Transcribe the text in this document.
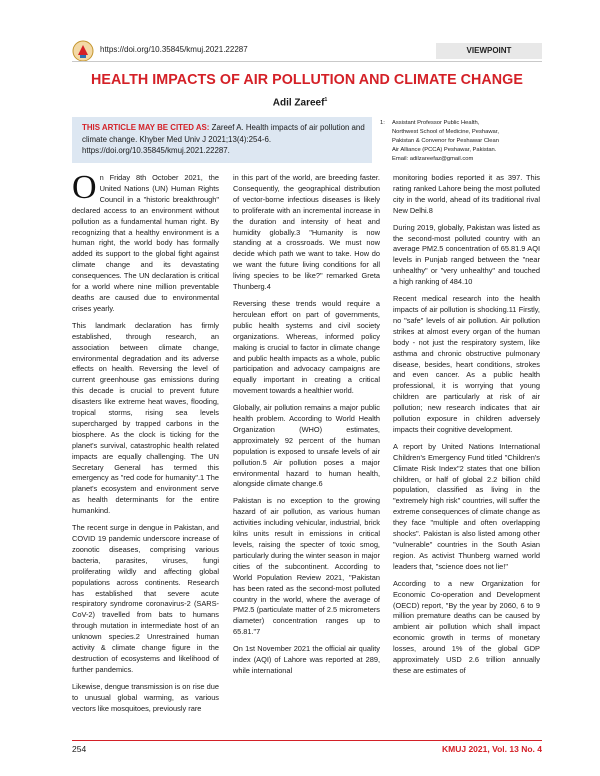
https://doi.org/10.35845/kmuj.2021.22287	VIEWPOINT
HEALTH IMPACTS OF AIR POLLUTION AND CLIMATE CHANGE
Adil Zareef$^1$
THIS ARTICLE MAY BE CITED AS: Zareef A. Health impacts of air pollution and climate change. Khyber Med Univ J 2021;13(4):254-6. https://doi.org/10.35845/kmuj.2021.22287.
1: Assistant Professor Public Health,
Northwest School of Medicine, Peshawar,
Pakistan & Convenor for Peshawar Clean
Air Alliance (PCCA) Peshawar, Pakistan.
Email: adilzareefaz@gmail.com

On Friday 8th October 2021, the United Nations (UN) Human Rights Council in a "historic breakthrough" declared access to an environment without pollution as a fundamental human right. By recognizing that a healthy environment is a human right, the world body has formally added its support to the global fight against climate change and its devastating consequences. The UN declaration is critical for a world where nine million preventable deaths are caused due to environmental crises yearly.

This landmark declaration has firmly established, through research, an association between climate change, environmental degradation and its adverse effects on health. Reversing the level of current greenhouse gas emissions during this decade is crucial to prevent future disasters like extreme heat waves, flooding, tropical storms, rising sea levels supercharged by trapped carbons in the biosphere. As the clock is ticking for the planet's survival, catastrophic health related impacts are equally challenging. The UN Secretary General has termed this emergency as "red code for humanity".1 The planet's ecosystem and environment serve as health determinants for the entire humankind.

The recent surge in dengue in Pakistan, and COVID 19 pandemic underscore increase of zoonotic diseases, comprising various bacteria, parasites, viruses, fungi proliferating wildly and affecting global populations across continents. Research has established that severe acute respiratory syndrome coronavirus-2 (SARS-CoV-2) travelled from bats to humans through mutation in intermediate host of an unknown species.2 Unrestrained human activity & climate change figure in the destruction of ecosystems and likelihood of further pandemics.

Likewise, dengue transmission is on rise due to unusual global warming, as various vectors like mosquitoes, previously rare

in this part of the world, are breeding faster. Consequently, the geographical distribution of vector-borne infectious diseases is likely to proliferate with an incremental increase in the duration and intensity of heat and humidity globally.3 "Humanity is now standing at a crossroads. We must now decide which path we want to take. How do we want the future living conditions for all living species to be like?" remarked Greta Thunberg.4

Reversing these trends would require a herculean effort on part of governments, public health systems and civil society organizations. Whereas, informed policy making is crucial to factor in climate change and public health impacts as a whole, public participation and advocacy campaigns are equally important in creating a critical movement towards a healthier world.

Globally, air pollution remains a major public health problem. According to World Health Organization (WHO) estimates, approximately 92 percent of the human population is exposed to unsafe levels of air pollution.5 Air pollution poses a major environmental hazard to human health, alongside climate change.6

Pakistan is no exception to the growing hazard of air pollution, as various human activities including vehicular, industrial, brick kilns units result in emissions in critical levels, raising the specter of toxic smog, particularly during the winter season in major cities of the subcontinent. According to World Population Review 2021, "Pakistan has been rated as the second-most polluted country in the world, where the average of PM2.5 (particulate matter of 2.5 micrometers diameter) concentration ranges up to 65.81."7

On 1st November 2021 the official air quality index (AQI) of Lahore was reported at 289, while international

monitoring bodies reported it as 397. This rating ranked Lahore being the most polluted city in the world, ahead of its traditional rival New Delhi.8

During 2019, globally, Pakistan was listed as the second-most polluted country with an average PM2.5 concentration of 65.81.9 AQI levels in Punjab ranged between the "near unhealthy" or "very unhealthy" and touched a high ranking of 484.10

Recent medical research into the health impacts of air pollution is shocking.11 Firstly, no "safe" levels of air pollution. Air pollution strikes at almost every organ of the human body - not just the respiratory system, like asthma and chronic obstructive pulmonary disease, besides, heart conditions, strokes and even cancer. As a public health professional, it is worrying that young children are particularly at risk of air pollution; new research indicates that air pollution exposure in children adversely impacts their cognitive development.

A report by United Nations International Children's Emergency Fund titled "Children's Climate Risk Index"2 states that one billion children, or half of global 2.2 billion child population, classified as living in the "extremely high risk" countries, will suffer the extreme consequences of climate change as they face "multiple and often overlapping shocks". Pakistan is also listed among other "vulnerable" countries in the South Asian region. As activist Thunberg warned world leaders that, "science does not lie!"

According to a new Organization for Economic Co-operation and Development (OECD) report, "By the year by 2060, 6 to 9 million premature deaths can be caused by ambient air pollution which shall impact economic growth in terms of monetary losses, around 1% of the global GDP approximately USD 2.6 trillion annually these are estimates of

254	KMUJ 2021, Vol. 13 No. 4
